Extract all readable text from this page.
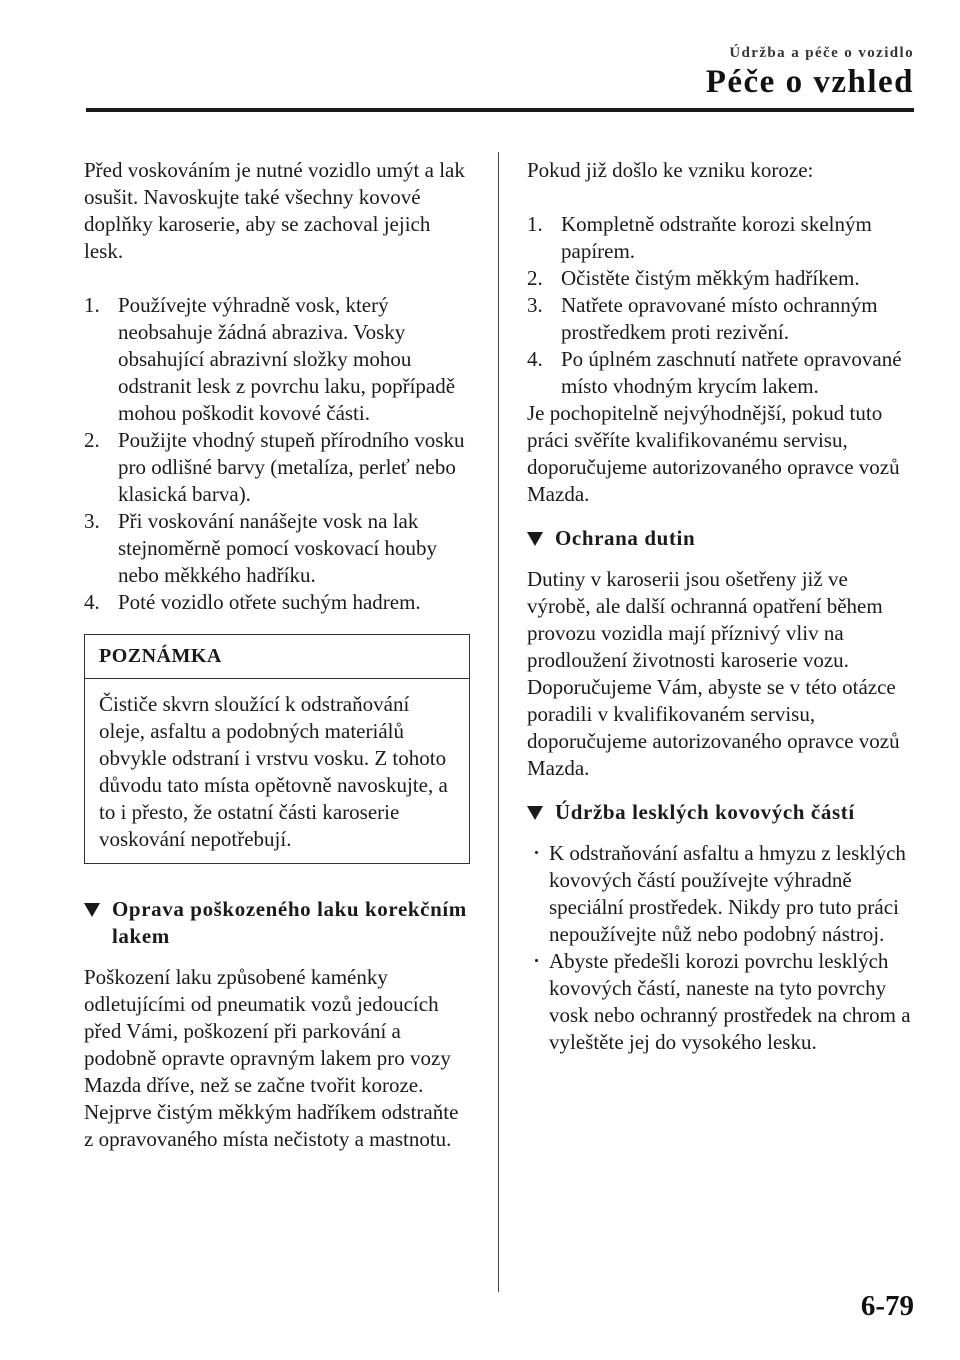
Údržba a péče o vozidlo
Péče o vzhled

Před voskováním je nutné vozidlo umýt a lak osušit. Navoskujte také všechny kovové doplňky karoserie, aby se zachoval jejich lesk.

1. Používejte výhradně vosk, který neobsahuje žádná abraziva. Vosky obsahující abrazivní složky mohou odstranit lesk z povrchu laku, popřípadě mohou poškodit kovové části.
2. Použijte vhodný stupeň přírodního vosku pro odlišné barvy (metalíza, perleť nebo klasická barva).
3. Při voskování nanášejte vosk na lak stejnoměrně pomocí voskovací houby nebo měkkého hadříku.
4. Poté vozidlo otřete suchým hadrem.
POZNÁMKA
Čističe skvrn sloužící k odstraňování oleje, asfaltu a podobných materiálů obvykle odstraní i vrstvu vosku. Z tohoto důvodu tato místa opětovně navoskujte, a to i přesto, že ostatní části karoserie voskování nepotřebují.
Oprava poškozeného laku korekčním lakem

Poškození laku způsobené kaménky odletujícími od pneumatik vozů jedoucích před Vámi, poškození při parkování a podobně opravte opravným lakem pro vozy Mazda dříve, než se začne tvořit koroze. Nejprve čistým měkkým hadříkem odstraňte z opravovaného místa nečistoty a mastnotu.

Pokud již došlo ke vzniku koroze:

1. Kompletně odstraňte korozi skelným papírem.
2. Očistěte čistým měkkým hadříkem.
3. Natřete opravované místo ochranným prostředkem proti rezivění.
4. Po úplném zaschnutí natřete opravované místo vhodným krycím lakem.

Je pochopitelně nejvýhodnější, pokud tuto práci svěříte kvalifikovanému servisu, doporučujeme autorizovaného opravce vozů Mazda.

Ochrana dutin

Dutiny v karoserii jsou ošetřeny již ve výrobě, ale další ochranná opatření během provozu vozidla mají příznivý vliv na prodloužení životnosti karoserie vozu. Doporučujeme Vám, abyste se v této otázce poradili v kvalifikovaném servisu, doporučujeme autorizovaného opravce vozů Mazda.

Údržba lesklých kovových částí
K odstraňování asfaltu a hmyzu z lesklých kovových částí používejte výhradně speciální prostředek. Nikdy pro tuto práci nepoužívejte nůž nebo podobný nástroj.
Abyste předešli korozi povrchu lesklých kovových částí, naneste na tyto povrchy vosk nebo ochranný prostředek na chrom a vyleštěte jej do vysokého lesku.
6-79
